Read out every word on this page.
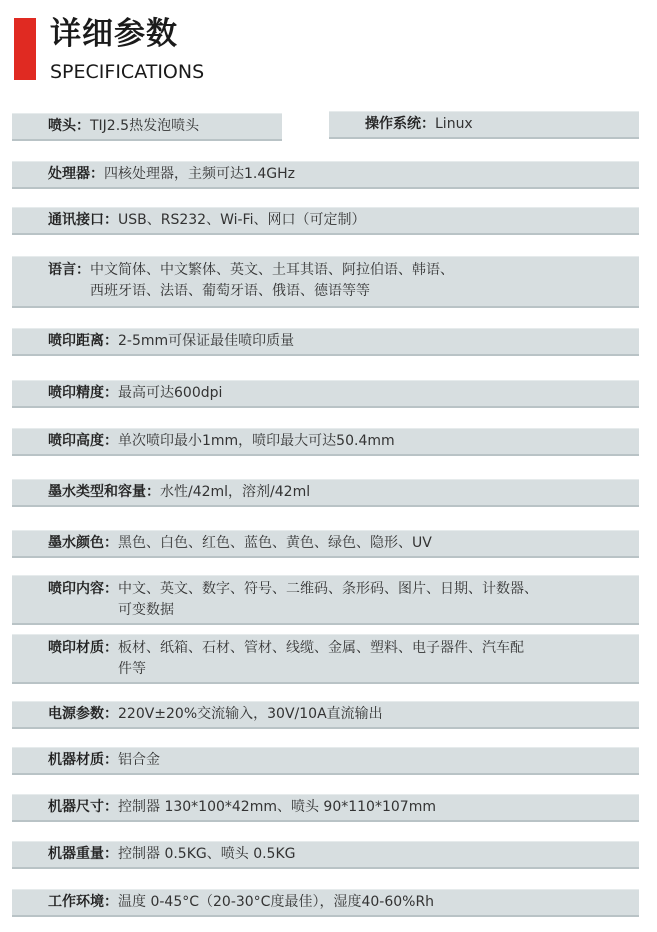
详细参数
SPECIFICATIONS
喷头： TIJ2.5热发泡喷头	操作系统： Linux
处理器： 四核处理器，主频可达1.4GHz
通讯接口： USB、RS232、Wi-Fi、网口（可定制）
语言： 中文简体、中文繁体、英文、土耳其语、阿拉伯语、韩语、
西班牙语、法语、葡萄牙语、俄语、德语等等
喷印距离： 2-5mm可保证最佳喷印质量
喷印精度： 最高可达600dpi
喷印高度： 单次喷印最小1mm，喷印最大可达50.4mm
墨水类型和容量： 水性/42ml，溶剂/42ml
墨水颜色： 黑色、白色、红色、蓝色、黄色、绿色、隐形、UV
喷印内容： 中文、英文、数字、符号、二维码、条形码、图片、日期、计数器、
可变数据
喷印材质： 板材、纸箱、石材、管材、线缆、金属、塑料、电子器件、汽车配
件等
电源参数： 220V±20%交流输入，30V/10A直流输出
机器材质： 铝合金
机器尺寸： 控制器 130*100*42mm、喷头 90*110*107mm
机器重量： 控制器 0.5KG、喷头 0.5KG
工作环境： 温度 0-45°C（20-30°C度最佳），湿度40-60%Rh
